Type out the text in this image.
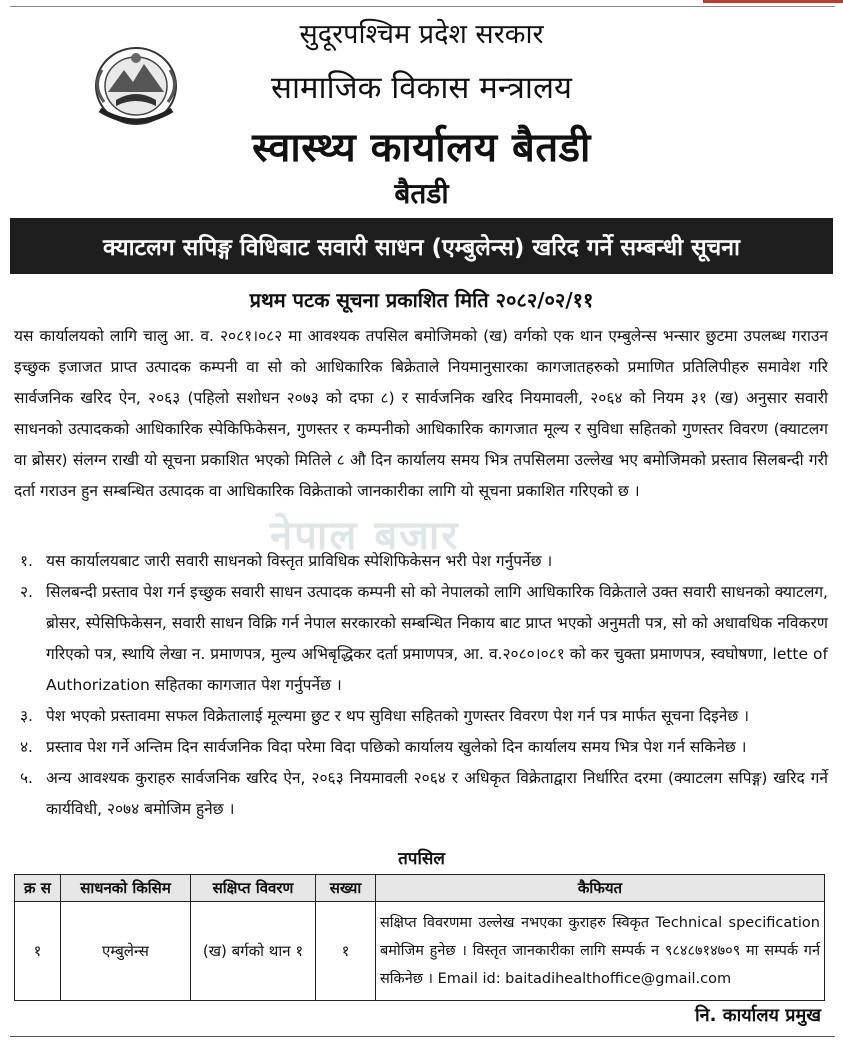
सुदूरपश्चिम प्रदेश सरकार
सामाजिक विकास मन्त्रालय
स्वास्थ्य कार्यालय बैतडी
बैतडी
क्याटलग सपिङ्ग विधिबाट सवारी साधन (एम्बुलेन्स) खरिद गर्ने सम्बन्धी सूचना
प्रथम पटक सूचना प्रकाशित मिति २०८२/०२/११
यस कार्यालयको लागि चालु आ. व. २०८१।०८२ मा आवश्यक तपसिल बमोजिमको (ख) वर्गको एक थान एम्बुलेन्स भन्सार छुटमा उपलब्ध गराउन इच्छुक इजाजत प्राप्त उत्पादक कम्पनी वा सो को आधिकारिक बिक्रेताले नियमानुसारका कागजातहरुको प्रमाणित प्रतिलिपीहरु समावेश गरि सार्वजनिक खरिद ऐन, २०६३ (पहिलो सशोधन २०७३ को दफा ८) र सार्वजनिक खरिद नियमावली, २०६४ को नियम ३१ (ख) अनुसार सवारी साधनको उत्पादकको आधिकारिक स्पेकिफिकेसन, गुणस्तर र कम्पनीको आधिकारिक कागजात मूल्य र सुविधा सहितको गुणस्तर विवरण (क्याटलग वा ब्रोसर) संलग्न राखी यो सूचना प्रकाशित भएको मितिले ८ औ दिन कार्यालय समय भित्र तपसिलमा उल्लेख भए बमोजिमको प्रस्ताव सिलबन्दी गरी दर्ता गराउन हुन सम्बन्धित उत्पादक वा आधिकारिक विक्रेताको जानकारीका लागि यो सूचना प्रकाशित गरिएको छ ।
नेपाल बजार
१. यस कार्यालयबाट जारी सवारी साधनको विस्तृत प्राविधिक स्पेशिफिकेसन भरी पेश गर्नुपर्नेछ ।
२. सिलबन्दी प्रस्ताव पेश गर्न इच्छुक सवारी साधन उत्पादक कम्पनी सो को नेपालको लागि आधिकारिक विक्रेताले उक्त सवारी साधनको क्याटलग, ब्रोसर, स्पेसिफिकेसन, सवारी साधन विक्रि गर्न नेपाल सरकारको सम्बन्धित निकाय बाट प्राप्त भएको अनुमती पत्र, सो को अधावधिक नविकरण गरिएको पत्र, स्थायि लेखा न. प्रमाणपत्र, मुल्य अभिबृद्धिकर दर्ता प्रमाणपत्र, आ. व.२०८०।०८१ को कर चुक्ता प्रमाणपत्र, स्वघोषणा, lette of Authorization सहितका कागजात पेश गर्नुपर्नेछ ।
३. पेश भएको प्रस्तावमा सफल विक्रेतालाई मूल्यमा छुट र थप सुविधा सहितको गुणस्तर विवरण पेश गर्न पत्र मार्फत सूचना दिइनेछ ।
४. प्रस्ताव पेश गर्ने अन्तिम दिन सार्वजनिक विदा परेमा विदा पछिको कार्यालय खुलेको दिन कार्यालय समय भित्र पेश गर्न सकिनेछ ।
५. अन्य आवश्यक कुराहरु सार्वजनिक खरिद ऐन, २०६३ नियमावली २०६४ र अधिकृत विक्रेताद्वारा निर्धारित दरमा (क्याटलग सपिङ्ग) खरिद गर्ने कार्यविधी, २०७४ बमोजिम हुनेछ ।
तपसिल
क्र स	साधनको किसिम	सक्षिप्त विवरण	सख्या	कैफियत
१	एम्बुलेन्स	(ख) बर्गको थान १	१	सक्षिप्त विवरणमा उल्लेख नभएका कुराहरु स्विकृत Technical specification बमोजिम हुनेछ । विस्तृत जानकारीका लागि सम्पर्क न ९८४८७१४७०९ मा सम्पर्क गर्न सकिनेछ । Email id: baitadihealthoffice@gmail.com
नि. कार्यालय प्रमुख
